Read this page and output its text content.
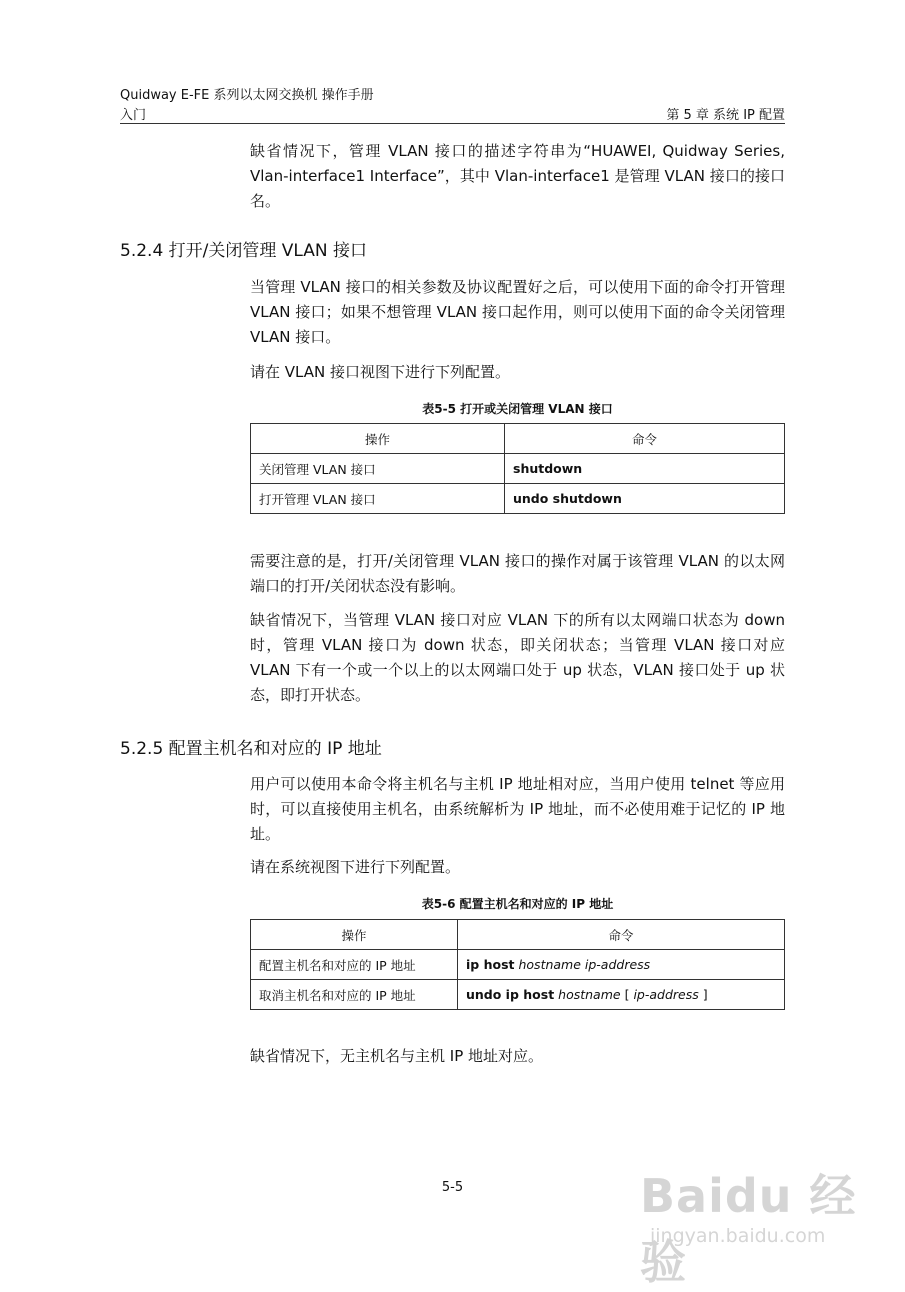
Quidway E-FE 系列以太网交换机 操作手册
入门	第 5 章 系统 IP 配置

缺省情况下，管理 VLAN 接口的描述字符串为“HUAWEI, Quidway Series, Vlan-interface1 Interface”，其中 Vlan-interface1 是管理 VLAN 接口的接口名。

5.2.4 打开/关闭管理 VLAN 接口

当管理 VLAN 接口的相关参数及协议配置好之后，可以使用下面的命令打开管理 VLAN 接口；如果不想管理 VLAN 接口起作用，则可以使用下面的命令关闭管理 VLAN 接口。

请在 VLAN 接口视图下进行下列配置。

表5-5 打开或关闭管理 VLAN 接口
操作	命令
关闭管理 VLAN 接口	shutdown
打开管理 VLAN 接口	undo shutdown

需要注意的是，打开/关闭管理 VLAN 接口的操作对属于该管理 VLAN 的以太网端口的打开/关闭状态没有影响。

缺省情况下，当管理 VLAN 接口对应 VLAN 下的所有以太网端口状态为 down 时，管理 VLAN 接口为 down 状态，即关闭状态；当管理 VLAN 接口对应 VLAN 下有一个或一个以上的以太网端口处于 up 状态，VLAN 接口处于 up 状态，即打开状态。

5.2.5 配置主机名和对应的 IP 地址

用户可以使用本命令将主机名与主机 IP 地址相对应，当用户使用 telnet 等应用时，可以直接使用主机名，由系统解析为 IP 地址，而不必使用难于记忆的 IP 地址。

请在系统视图下进行下列配置。

表5-6 配置主机名和对应的 IP 地址
操作	命令
配置主机名和对应的 IP 地址	ip host hostname ip-address
取消主机名和对应的 IP 地址	undo ip host hostname [ ip-address ]

缺省情况下，无主机名与主机 IP 地址对应。

5-5	Baidu 经验
jingyan.baidu.com
